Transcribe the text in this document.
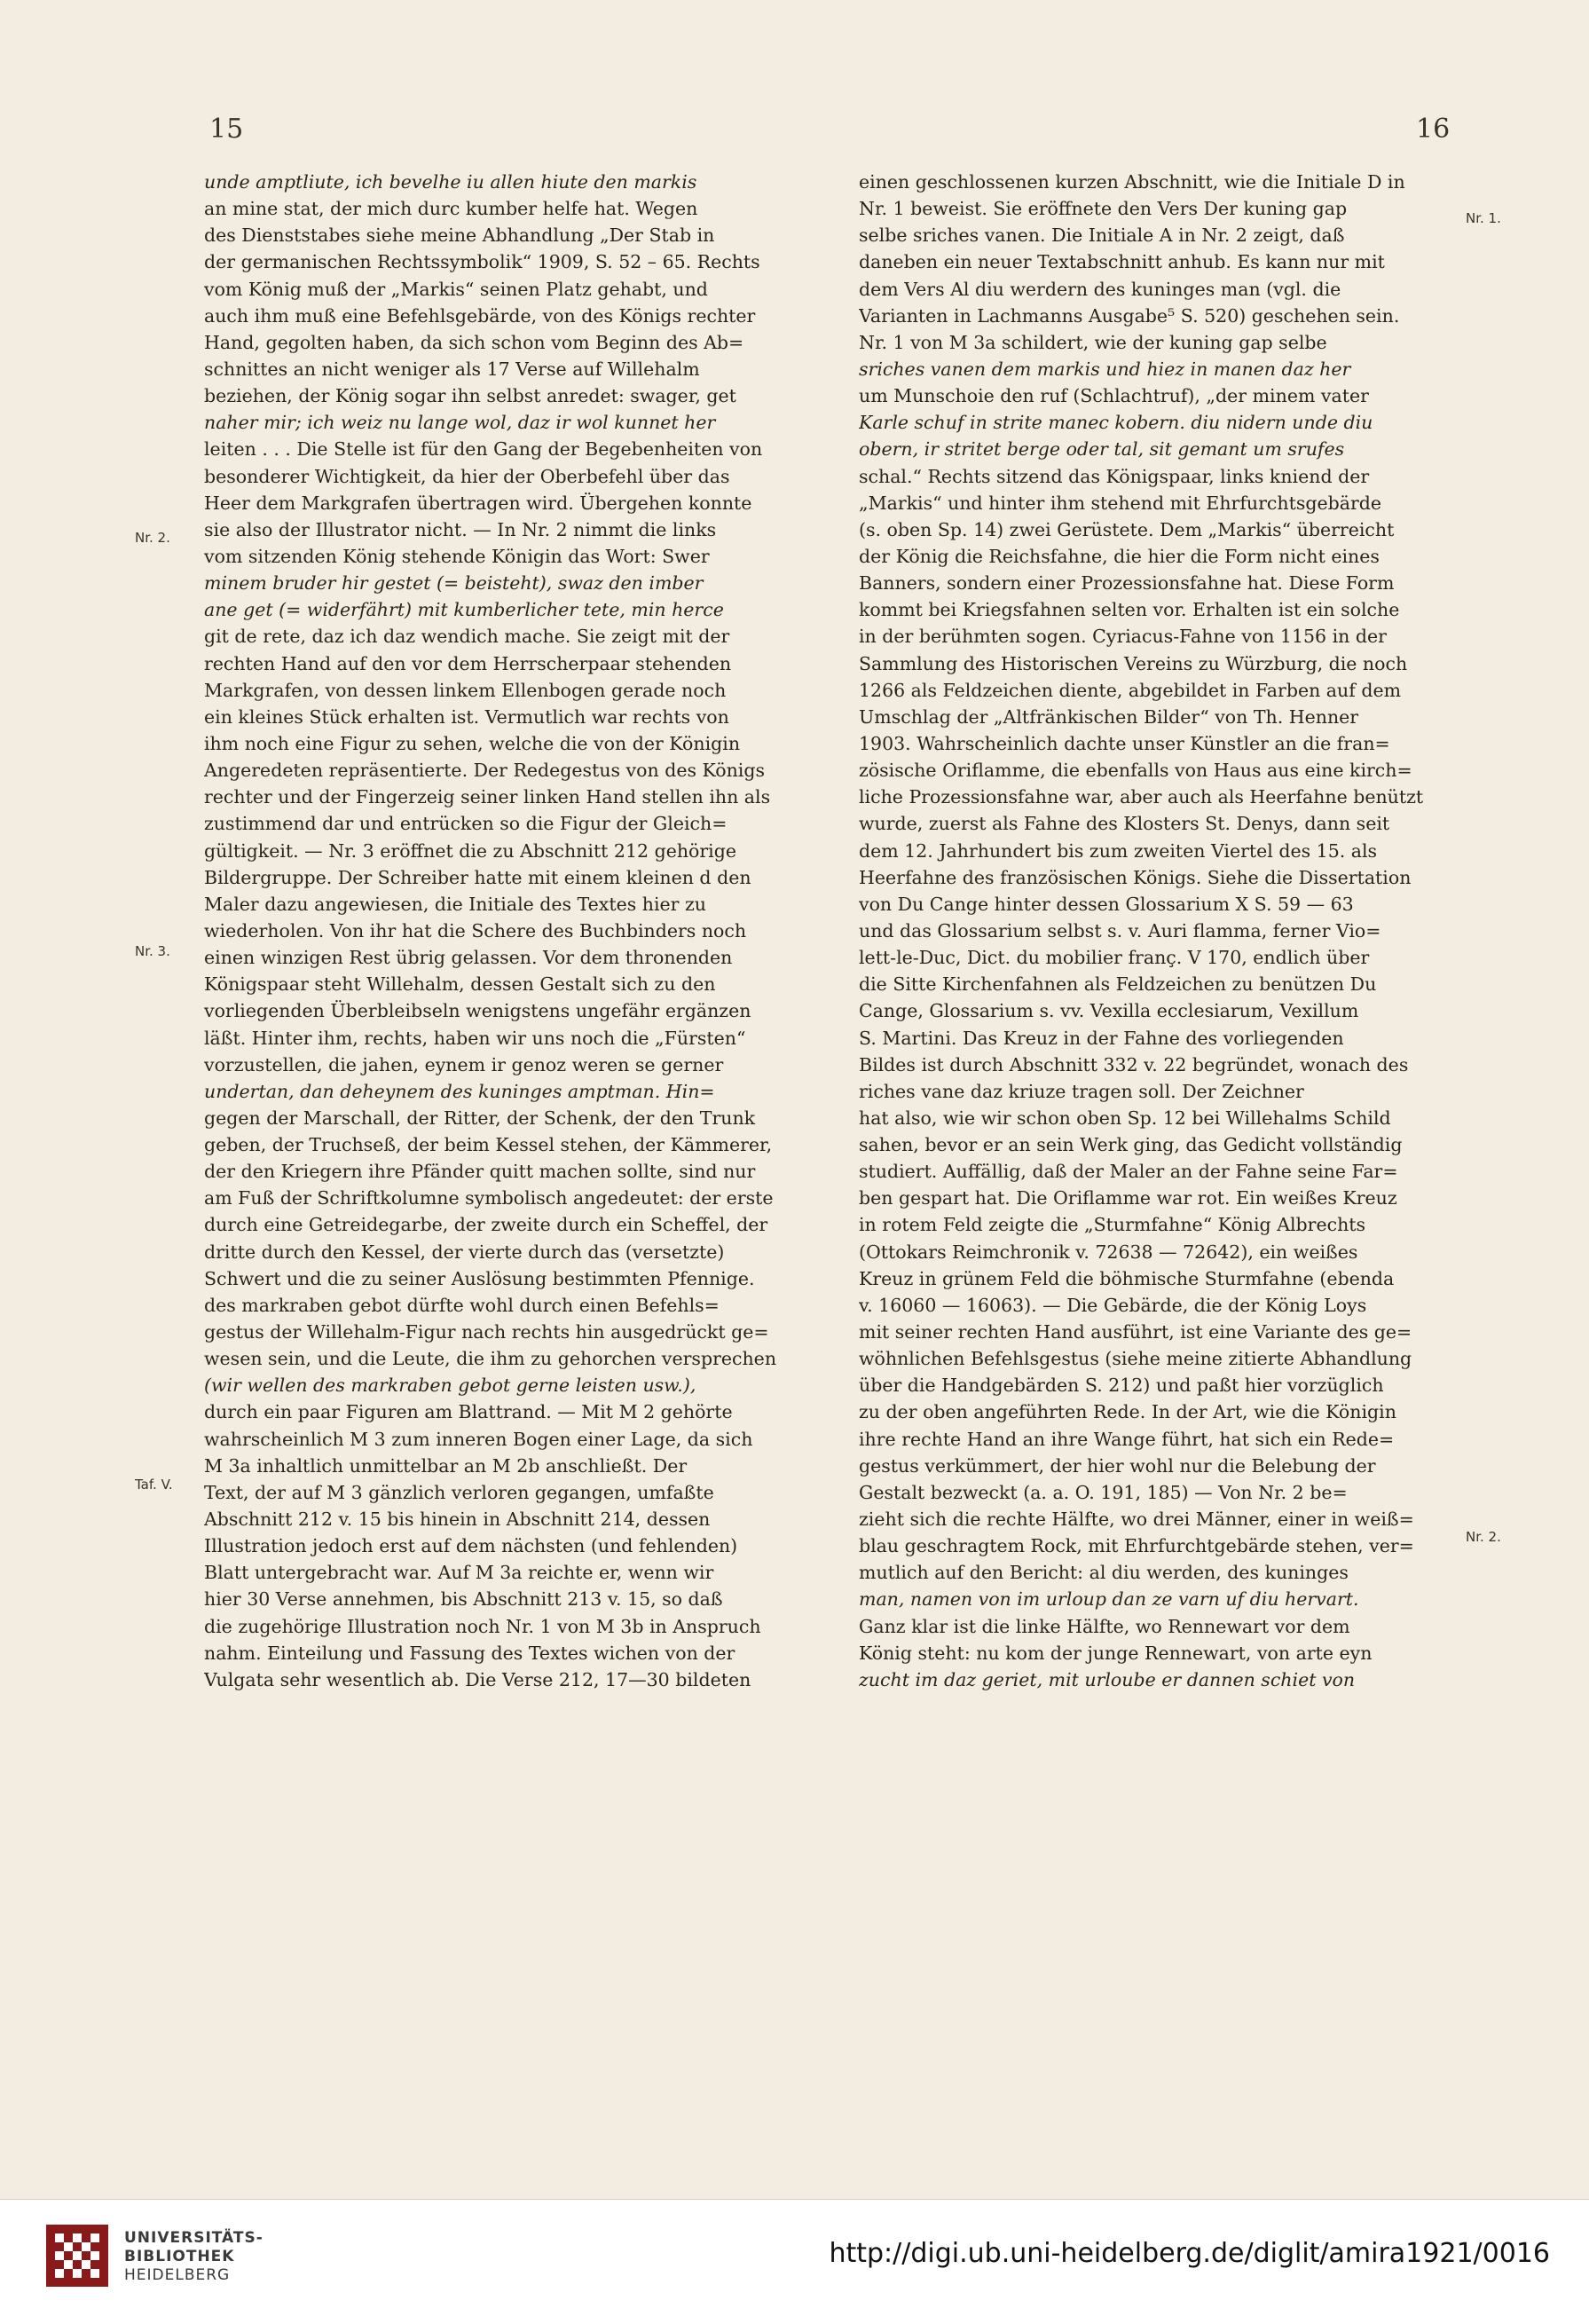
15	16
Nr. 2.
Nr. 3.
Taf. V.
Nr. 1.
Nr. 2.
unde amptliute, ich bevelhe iu allen hiute den markis
an mine stat, der mich durc kumber helfe hat. Wegen
des Dienststabes siehe meine Abhandlung „Der Stab in
der germanischen Rechtssymbolik“ 1909, S. 52 – 65. Rechts
vom König muß der „Markis“ seinen Platz gehabt, und
auch ihm muß eine Befehlsgebärde, von des Königs rechter
Hand, gegolten haben, da sich schon vom Beginn des Ab=
schnittes an nicht weniger als 17 Verse auf Willehalm
beziehen, der König sogar ihn selbst anredet: swager, get
naher mir; ich weiz nu lange wol, daz ir wol kunnet her
leiten . . . Die Stelle ist für den Gang der Begebenheiten von
besonderer Wichtigkeit, da hier der Oberbefehl über das
Heer dem Markgrafen übertragen wird. Übergehen konnte
sie also der Illustrator nicht. — In Nr. 2 nimmt die links
vom sitzenden König stehende Königin das Wort: Swer
minem bruder hir gestet (= beisteht), swaz den imber
ane get (= widerfährt) mit kumberlicher tete, min herce
git de rete, daz ich daz wendich mache. Sie zeigt mit der
rechten Hand auf den vor dem Herrscherpaar stehenden
Markgrafen, von dessen linkem Ellenbogen gerade noch
ein kleines Stück erhalten ist. Vermutlich war rechts von
ihm noch eine Figur zu sehen, welche die von der Königin
Angeredeten repräsentierte. Der Redegestus von des Königs
rechter und der Fingerzeig seiner linken Hand stellen ihn als
zustimmend dar und entrücken so die Figur der Gleich=
gültigkeit. — Nr. 3 eröffnet die zu Abschnitt 212 gehörige
Bildergruppe. Der Schreiber hatte mit einem kleinen d den
Maler dazu angewiesen, die Initiale des Textes hier zu
wiederholen. Von ihr hat die Schere des Buchbinders noch
einen winzigen Rest übrig gelassen. Vor dem thronenden
Königspaar steht Willehalm, dessen Gestalt sich zu den
vorliegenden Überbleibseln wenigstens ungefähr ergänzen
läßt. Hinter ihm, rechts, haben wir uns noch die „Fürsten“
vorzustellen, die jahen, eynem ir genoz weren se gerner
undertan, dan deheynem des kuninges amptman. Hin=
gegen der Marschall, der Ritter, der Schenk, der den Trunk
geben, der Truchseß, der beim Kessel stehen, der Kämmerer,
der den Kriegern ihre Pfänder quitt machen sollte, sind nur
am Fuß der Schriftkolumne symbolisch angedeutet: der erste
durch eine Getreidegarbe, der zweite durch ein Scheffel, der
dritte durch den Kessel, der vierte durch das (versetzte)
Schwert und die zu seiner Auslösung bestimmten Pfennige.
des markraben gebot dürfte wohl durch einen Befehls=
gestus der Willehalm-Figur nach rechts hin ausgedrückt ge=
wesen sein, und die Leute, die ihm zu gehorchen versprechen
(wir wellen des markraben gebot gerne leisten usw.),
durch ein paar Figuren am Blattrand. — Mit M 2 gehörte
wahrscheinlich M 3 zum inneren Bogen einer Lage, da sich
M 3a inhaltlich unmittelbar an M 2b anschließt. Der
Text, der auf M 3 gänzlich verloren gegangen, umfaßte
Abschnitt 212 v. 15 bis hinein in Abschnitt 214, dessen
Illustration jedoch erst auf dem nächsten (und fehlenden)
Blatt untergebracht war. Auf M 3a reichte er, wenn wir
hier 30 Verse annehmen, bis Abschnitt 213 v. 15, so daß
die zugehörige Illustration noch Nr. 1 von M 3b in Anspruch
nahm. Einteilung und Fassung des Textes wichen von der
Vulgata sehr wesentlich ab. Die Verse 212, 17—30 bildeten
einen geschlossenen kurzen Abschnitt, wie die Initiale D in
Nr. 1 beweist. Sie eröffnete den Vers Der kuning gap
selbe sriches vanen. Die Initiale A in Nr. 2 zeigt, daß
daneben ein neuer Textabschnitt anhub. Es kann nur mit
dem Vers Al diu werdern des kuninges man (vgl. die
Varianten in Lachmanns Ausgabe⁵ S. 520) geschehen sein.
Nr. 1 von M 3a schildert, wie der kuning gap selbe
sriches vanen dem markis und hiez in manen daz her
um Munschoie den ruf (Schlachtruf), „der minem vater
Karle schuf in strite manec kobern. diu nidern unde diu
obern, ir stritet berge oder tal, sit gemant um srufes
schal.“ Rechts sitzend das Königspaar, links kniend der
„Markis“ und hinter ihm stehend mit Ehrfurchtsgebärde
(s. oben Sp. 14) zwei Gerüstete. Dem „Markis“ überreicht
der König die Reichsfahne, die hier die Form nicht eines
Banners, sondern einer Prozessionsfahne hat. Diese Form
kommt bei Kriegsfahnen selten vor. Erhalten ist ein solche
in der berühmten sogen. Cyriacus-Fahne von 1156 in der
Sammlung des Historischen Vereins zu Würzburg, die noch
1266 als Feldzeichen diente, abgebildet in Farben auf dem
Umschlag der „Altfränkischen Bilder“ von Th. Henner
1903. Wahrscheinlich dachte unser Künstler an die fran=
zösische Oriflamme, die ebenfalls von Haus aus eine kirch=
liche Prozessionsfahne war, aber auch als Heerfahne benützt
wurde, zuerst als Fahne des Klosters St. Denys, dann seit
dem 12. Jahrhundert bis zum zweiten Viertel des 15. als
Heerfahne des französischen Königs. Siehe die Dissertation
von Du Cange hinter dessen Glossarium X S. 59 — 63
und das Glossarium selbst s. v. Auri flamma, ferner Vio=
lett-le-Duc, Dict. du mobilier franç. V 170, endlich über
die Sitte Kirchenfahnen als Feldzeichen zu benützen Du
Cange, Glossarium s. vv. Vexilla ecclesiarum, Vexillum
S. Martini. Das Kreuz in der Fahne des vorliegenden
Bildes ist durch Abschnitt 332 v. 22 begründet, wonach des
riches vane daz kriuze tragen soll. Der Zeichner
hat also, wie wir schon oben Sp. 12 bei Willehalms Schild
sahen, bevor er an sein Werk ging, das Gedicht vollständig
studiert. Auffällig, daß der Maler an der Fahne seine Far=
ben gespart hat. Die Oriflamme war rot. Ein weißes Kreuz
in rotem Feld zeigte die „Sturmfahne“ König Albrechts
(Ottokars Reimchronik v. 72638 — 72642), ein weißes
Kreuz in grünem Feld die böhmische Sturmfahne (ebenda
v. 16060 — 16063). — Die Gebärde, die der König Loys
mit seiner rechten Hand ausführt, ist eine Variante des ge=
wöhnlichen Befehlsgestus (siehe meine zitierte Abhandlung
über die Handgebärden S. 212) und paßt hier vorzüglich
zu der oben angeführten Rede. In der Art, wie die Königin
ihre rechte Hand an ihre Wange führt, hat sich ein Rede=
gestus verkümmert, der hier wohl nur die Belebung der
Gestalt bezweckt (a. a. O. 191, 185) — Von Nr. 2 be=
zieht sich die rechte Hälfte, wo drei Männer, einer in weiß=
blau geschragtem Rock, mit Ehrfurchtgebärde stehen, ver=
mutlich auf den Bericht: al diu werden, des kuninges
man, namen von im urloup dan ze varn uf diu hervart.
Ganz klar ist die linke Hälfte, wo Rennewart vor dem
König steht: nu kom der junge Rennewart, von arte eyn
zucht im daz geriet, mit urloube er dannen schiet von
UNIVERSITÄTS-
BIBLIOTHEK
HEIDELBERG
http://digi.ub.uni-heidelberg.de/diglit/amira1921/0016
